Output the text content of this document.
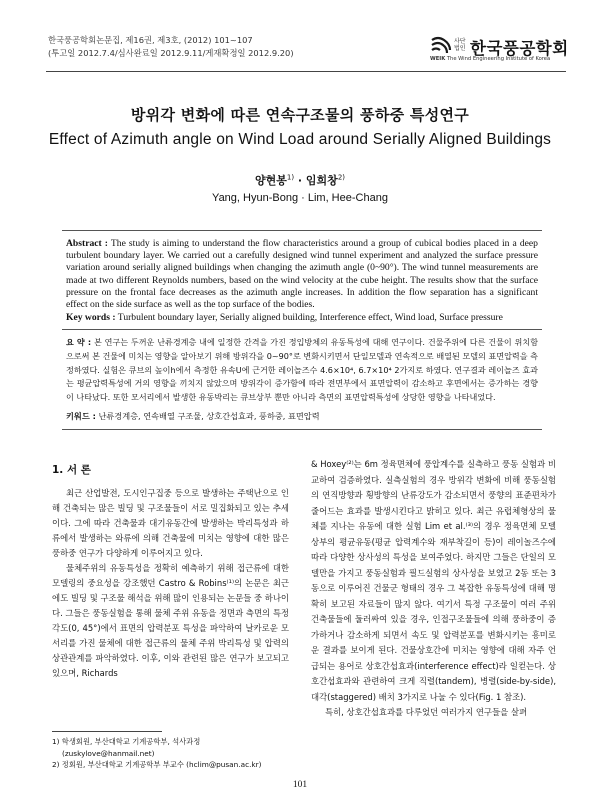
한국풍공학회논문집, 제16권, 제3호, (2012) 101~107
(투고일 2012.7.4/심사완료일 2012.9.11/게재확정일 2012.9.20)
사단법인 한국풍공학회
WEIK The Wind Engineering Institute of Korea
방위각 변화에 따른 연속구조물의 풍하중 특성연구
Effect of Azimuth angle on Wind Load around Serially Aligned Buildings
양현봉$^{1)}$ · 임희창$^{2)}$
Yang, Hyun-Bong · Lim, Hee-Chang
Abstract : The study is aiming to understand the flow characteristics around a group of cubical bodies placed in a deep turbulent boundary layer. We carried out a carefully designed wind tunnel experiment and analyzed the surface pressure variation around serially aligned buildings when changing the azimuth angle (0~90°). The wind tunnel measurements are made at two different Reynolds numbers, based on the wind velocity at the cube height. The results show that the surface pressure on the frontal face decreases as the azimuth angle increases. In addition the flow separation has a significant effect on the side surface as well as the top surface of the bodies.
Key words : Turbulent boundary layer, Serially aligned building, Interference effect, Wind load, Surface pressure
요 약 : 본 연구는 두꺼운 난류경계층 내에 일정한 간격을 가진 정입방체의 유동특성에 대해 연구이다. 건물주위에 다른 건물이 위치함으로써 본 건물에 미치는 영향을 알아보기 위해 방위각을 0~90°로 변화시키면서 단일모델과 연속적으로 배열된 모델의 표면압력을 측정하였다. 실험은 큐브의 높이h에서 측정한 유속U에 근거한 레이놀즈수 4.6×10⁴, 6.7×10⁴ 2가지로 하였다. 연구결과 레이놀즈 효과는 평균압력특성에 거의 영향을 끼치지 않았으며 방위각이 증가함에 따라 전면부에서 표면압력이 감소하고 후면에서는 증가하는 경향이 나타났다. 또한 모서리에서 발생한 유동박리는 큐브상부 뿐만 아니라 측면의 표면압력특성에 상당한 영향을 나타내었다.
키워드 : 난류경계층, 연속배열 구조물, 상호간섭효과, 풍하중, 표면압력
1. 서 론

최근 산업발전, 도시인구집중 등으로 발생하는 주택난으로 인해 건축되는 많은 빌딩 및 구조물들이 서로 밀집화되고 있는 추세이다. 그에 따라 건축물과 대기유동간에 발생하는 박리특성과 하류에서 발생하는 와류에 의해 건축물에 미치는 영향에 대한 많은 풍하중 연구가 다양하게 이루어지고 있다.

물체주위의 유동특성을 정확히 예측하기 위해 접근류에 대한 모델링의 중요성을 강조했던 Castro & Robins⁽¹⁾의 논문은 최근에도 빌딩 및 구조물 해석을 위해 많이 인용되는 논문들 중 하나이다. 그들은 풍동실험을 통해 물체 주위 유동을 정면과 측면의 특정 각도(0, 45°)에서 표면의 압력분포 특성을 파악하여 날카로운 모서리를 가진 물체에 대한 접근류의 물체 주위 박리특성 및 압력의 상관관계를 파악하였다. 이후, 이와 관련된 많은 연구가 보고되고 있으며, Richards

& Hoxey⁽²⁾는 6m 정육면체에 풍압계수를 실측하고 풍동 실험과 비교하여 검증하였다. 실측실험의 경우 방위각 변화에 비해 풍동실험의 연직방향과 횡방향의 난류강도가 감소되면서 풍향의 표준편차가 줄어드는 효과를 발생시킨다고 밝히고 있다. 최근 유럽체형상의 물체를 지나는 유동에 대한 실험 Lim et al.⁽³⁾의 경우 정육면체 모델 상부의 평균유동(평균 압력계수와 재부착길이 등)이 레이놀즈수에 따라 다양한 상사성의 특성을 보여주었다. 하지만 그들은 단일의 모델만을 가지고 풍동실험과 필드실험의 상사성을 보였고 2동 또는 3동으로 이루어진 건물군 형태의 경우 그 복잡한 유동특성에 대해 명확히 보고된 자료들이 많지 않다. 여기서 특정 구조물이 여러 주위 건축물들에 둘러싸여 있을 경우, 인접구조물들에 의해 풍하중이 증가하거나 감소하게 되면서 속도 및 압력분포를 변화시키는 흥미로운 결과를 보이게 된다. 건물상호간에 미치는 영향에 대해 자주 언급되는 용어로 상호간섭효과(interference effect)라 일컫는다. 상호간섭효과와 관련하여 크게 직렬(tandem), 병렬(side-by-side), 대각(staggered) 배치 3가지로 나눌 수 있다(Fig. 1 참조).

특히, 상호간섭효과를 다루었던 여러가지 연구들을 살펴

1) 학생회원, 부산대학교 기계공학부, 석사과정
(zuskylove@hanmail.net)
2) 정회원, 부산대학교 기계공학부 부교수 (hclim@pusan.ac.kr)
101
